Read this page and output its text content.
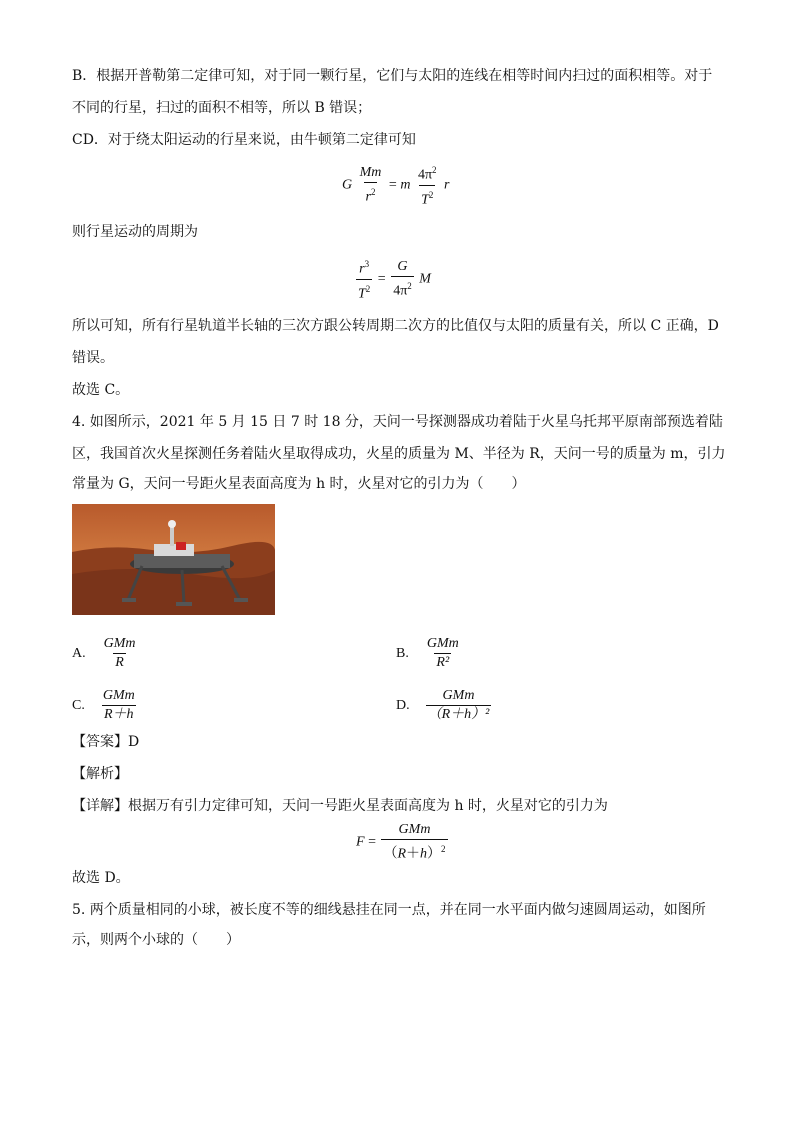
B．根据开普勒第二定律可知，对于同一颗行星，它们与太阳的连线在相等时间内扫过的面积相等。对于
不同的行星，扫过的面积不相等，所以 B 错误；
CD．对于绕太阳运动的行星来说，由牛顿第二定律可知
G $\frac{Mm}{r^2} = m \frac{4\pi^2}{T^2}$ r
则行星运动的周期为
$\frac{r^3}{T^2} = \frac{G}{4\pi^2}$ M
所以可知，所有行星轨道半长轴的三次方跟公转周期二次方的比值仅与太阳的质量有关，所以 C 正确，D
错误。
故选 C。
4. 如图所示，2021 年 5 月 15 日 7 时 18 分，天问一号探测器成功着陆于火星乌托邦平原南部预选着陆
区，我国首次火星探测任务着陆火星取得成功，火星的质量为 M、半径为 R，天问一号的质量为 m，引力
常量为 G，天问一号距火星表面高度为 h 时，火星对它的引力为（　　）
A. $\frac{\text{GMm}}{R}$	B. $\frac{\text{GMm}}{\text{R²}}$
C. $\frac{\text{GMm}}{R+h}$	D. $\frac{\text{GMm}}{\text{（R＋h）²}}$
【答案】D
【解析】
【详解】根据万有引力定律可知，天问一号距火星表面高度为 h 时，火星对它的引力为
$F = \frac{\text{GMm}}{(R+h)^2}$
故选 D。
5. 两个质量相同的小球，被长度不等的细线悬挂在同一点，并在同一水平面内做匀速圆周运动，如图所
示，则两个小球的（　　）
